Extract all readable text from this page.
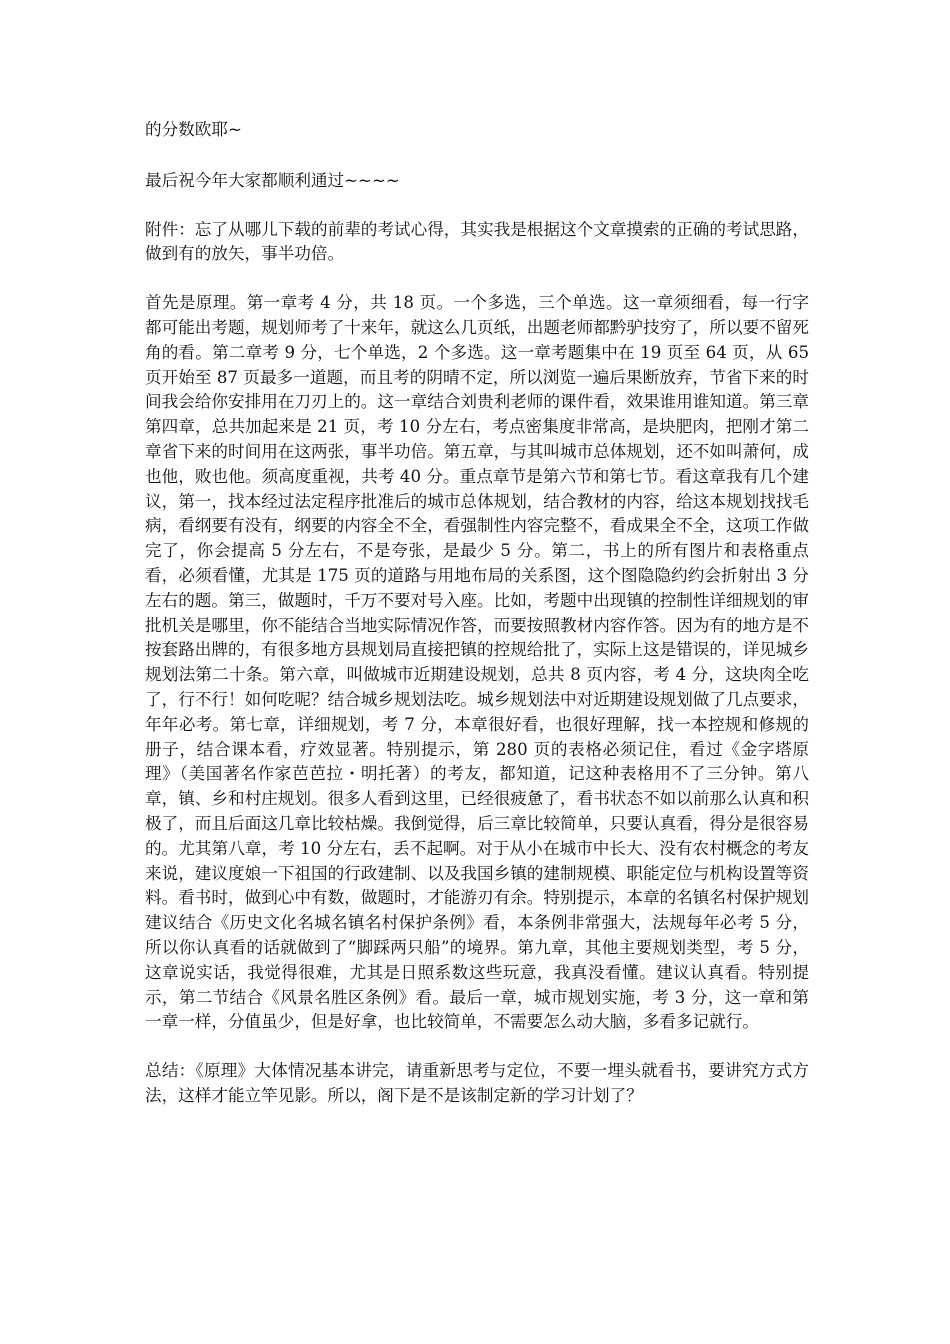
的分数欧耶~

最后祝今年大家都顺利通过~~~~

附件：忘了从哪儿下载的前辈的考试心得，其实我是根据这个文章摸索的正确的考试思路，做到有的放矢，事半功倍。

首先是原理。第一章考 4 分，共 18 页。一个多选，三个单选。这一章须细看，每一行字都可能出考题，规划师考了十来年，就这么几页纸，出题老师都黔驴技穷了，所以要不留死角的看。第二章考 9 分，七个单选，2 个多选。这一章考题集中在 19 页至 64 页，从 65 页开始至 87 页最多一道题，而且考的阴晴不定，所以浏览一遍后果断放弃，节省下来的时间我会给你安排用在刀刃上的。这一章结合刘贵利老师的课件看，效果谁用谁知道。第三章第四章，总共加起来是 21 页，考 10 分左右，考点密集度非常高，是块肥肉，把刚才第二章省下来的时间用在这两张，事半功倍。第五章，与其叫城市总体规划，还不如叫萧何，成也他，败也他。须高度重视，共考 40 分。重点章节是第六节和第七节。看这章我有几个建议，第一，找本经过法定程序批准后的城市总体规划，结合教材的内容，给这本规划找找毛病，看纲要有没有，纲要的内容全不全，看强制性内容完整不，看成果全不全，这项工作做完了，你会提高 5 分左右，不是夸张，是最少 5 分。第二，书上的所有图片和表格重点看，必须看懂，尤其是 175 页的道路与用地布局的关系图，这个图隐隐约约会折射出 3 分左右的题。第三，做题时，千万不要对号入座。比如，考题中出现镇的控制性详细规划的审批机关是哪里，你不能结合当地实际情况作答，而要按照教材内容作答。因为有的地方是不按套路出牌的，有很多地方县规划局直接把镇的控规给批了，实际上这是错误的，详见城乡规划法第二十条。第六章，叫做城市近期建设规划，总共 8 页内容，考 4 分，这块肉全吃了，行不行！如何吃呢？结合城乡规划法吃。城乡规划法中对近期建设规划做了几点要求，年年必考。第七章，详细规划，考 7 分，本章很好看，也很好理解，找一本控规和修规的册子，结合课本看，疗效显著。特别提示，第 280 页的表格必须记住，看过《金字塔原理》（美国著名作家芭芭拉・明托著）的考友，都知道，记这种表格用不了三分钟。第八章，镇、乡和村庄规划。很多人看到这里，已经很疲惫了，看书状态不如以前那么认真和积极了，而且后面这几章比较枯燥。我倒觉得，后三章比较简单，只要认真看，得分是很容易的。尤其第八章，考 10 分左右，丢不起啊。对于从小在城市中长大、没有农村概念的考友来说，建议度娘一下祖国的行政建制、以及我国乡镇的建制规模、职能定位与机构设置等资料。看书时，做到心中有数，做题时，才能游刃有余。特别提示，本章的名镇名村保护规划建议结合《历史文化名城名镇名村保护条例》看，本条例非常强大，法规每年必考 5 分，所以你认真看的话就做到了“脚踩两只船”的境界。第九章，其他主要规划类型，考 5 分，这章说实话，我觉得很难，尤其是日照系数这些玩意，我真没看懂。建议认真看。特别提示，第二节结合《风景名胜区条例》看。最后一章，城市规划实施，考 3 分，这一章和第一章一样，分值虽少，但是好拿，也比较简单，不需要怎么动大脑，多看多记就行。

总结：《原理》大体情况基本讲完，请重新思考与定位，不要一埋头就看书，要讲究方式方法，这样才能立竿见影。所以，阁下是不是该制定新的学习计划了？
